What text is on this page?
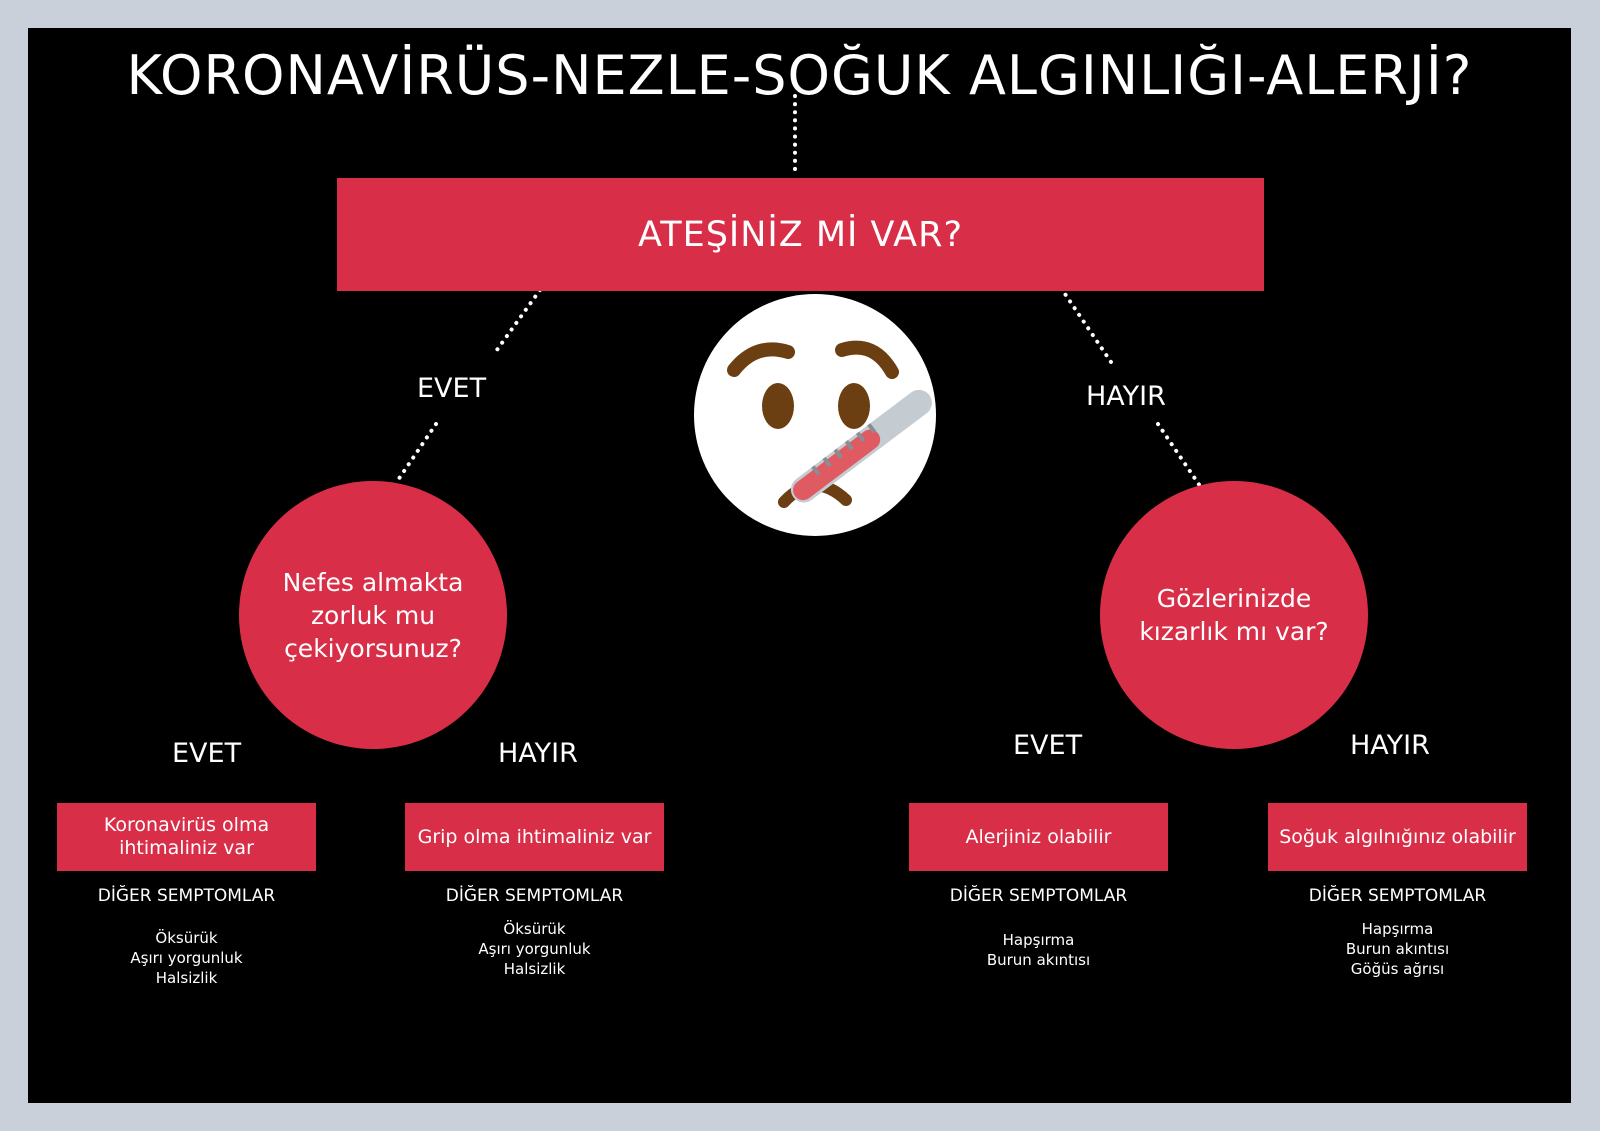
KORONAVİRÜS-NEZLE-SOĞUK ALGINLIĞI-ALERJİ?
ATEŞİNİZ Mİ VAR?
EVET	HAYIR
Nefes almakta
zorluk mu
çekiyorsunuz?
Gözlerinizde
kızarlık mı var?
EVET	HAYIR	EVET	HAYIR
Koronavirüs olma
ihtimaliniz var
DİĞER SEMPTOMLAR
Öksürük
Aşırı yorgunluk
Halsizlik
Grip olma ihtimaliniz var
DİĞER SEMPTOMLAR
Öksürük
Aşırı yorgunluk
Halsizlik
Alerjiniz olabilir
DİĞER SEMPTOMLAR
Hapşırma
Burun akıntısı
Soğuk algılnığınız olabilir
DİĞER SEMPTOMLAR
Hapşırma
Burun akıntısı
Göğüs ağrısı
